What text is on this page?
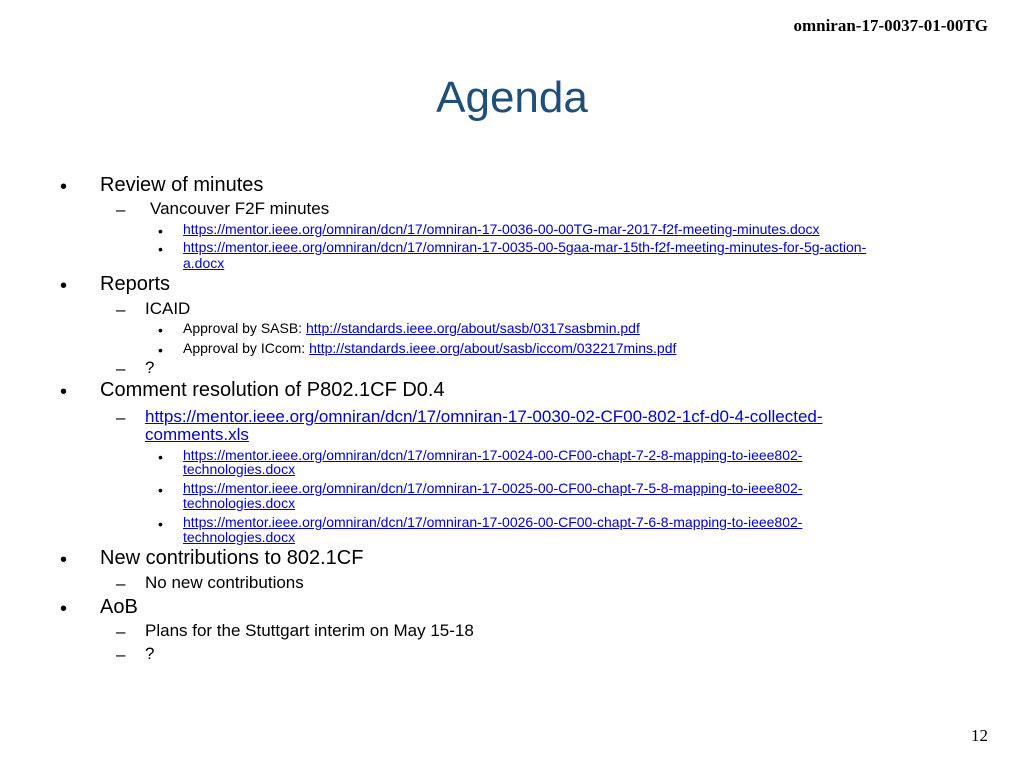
omniran-17-0037-01-00TG
Agenda
• Review of minutes
– Vancouver F2F minutes
• https://mentor.ieee.org/omniran/dcn/17/omniran-17-0036-00-00TG-mar-2017-f2f-meeting-minutes.docx
• https://mentor.ieee.org/omniran/dcn/17/omniran-17-0035-00-5gaa-mar-15th-f2f-meeting-minutes-for-5g-action-
a.docx
• Reports
– ICAID
• Approval by SASB: http://standards.ieee.org/about/sasb/0317sasbmin.pdf
• Approval by ICcom: http://standards.ieee.org/about/sasb/iccom/032217mins.pdf
– ?
• Comment resolution of P802.1CF D0.4
– https://mentor.ieee.org/omniran/dcn/17/omniran-17-0030-02-CF00-802-1cf-d0-4-collected-
comments.xls
• https://mentor.ieee.org/omniran/dcn/17/omniran-17-0024-00-CF00-chapt-7-2-8-mapping-to-ieee802-
technologies.docx
• https://mentor.ieee.org/omniran/dcn/17/omniran-17-0025-00-CF00-chapt-7-5-8-mapping-to-ieee802-
technologies.docx
• https://mentor.ieee.org/omniran/dcn/17/omniran-17-0026-00-CF00-chapt-7-6-8-mapping-to-ieee802-
technologies.docx
• New contributions to 802.1CF
– No new contributions
• AoB
– Plans for the Stuttgart interim on May 15-18
– ?
12
